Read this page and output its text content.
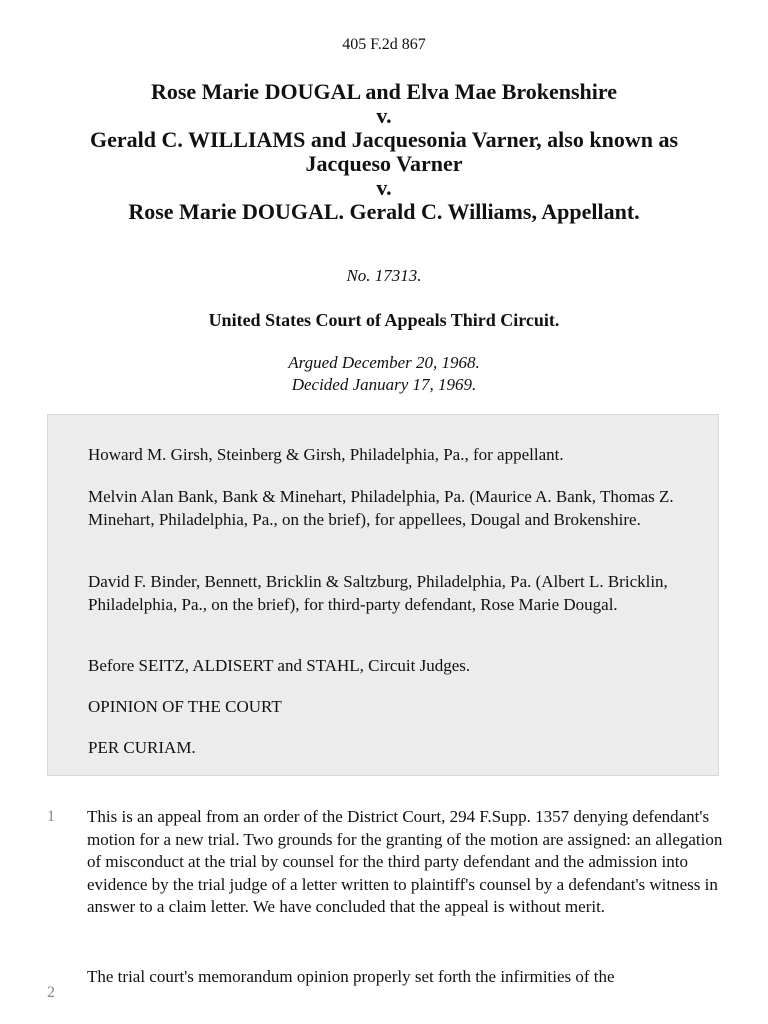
405 F.2d 867
Rose Marie DOUGAL and Elva Mae Brokenshire
v.
Gerald C. WILLIAMS and Jacquesonia Varner, also known as
Jacqueso Varner
v.
Rose Marie DOUGAL. Gerald C. Williams, Appellant.
No. 17313.
United States Court of Appeals Third Circuit.
Argued December 20, 1968.
Decided January 17, 1969.

Howard M. Girsh, Steinberg & Girsh, Philadelphia, Pa., for appellant.

Melvin Alan Bank, Bank & Minehart, Philadelphia, Pa. (Maurice A. Bank, Thomas Z. Minehart, Philadelphia, Pa., on the brief), for appellees, Dougal and Brokenshire.

David F. Binder, Bennett, Bricklin & Saltzburg, Philadelphia, Pa. (Albert L. Bricklin, Philadelphia, Pa., on the brief), for third-party defendant, Rose Marie Dougal.

Before SEITZ, ALDISERT and STAHL, Circuit Judges.

OPINION OF THE COURT

PER CURIAM.

1 This is an appeal from an order of the District Court, 294 F.Supp. 1357 denying defendant's motion for a new trial. Two grounds for the granting of the motion are assigned: an allegation of misconduct at the trial by counsel for the third party defendant and the admission into evidence by the trial judge of a letter written to plaintiff's counsel by a defendant's witness in answer to a claim letter. We have concluded that the appeal is without merit.

2

The trial court's memorandum opinion properly set forth the infirmities of the
